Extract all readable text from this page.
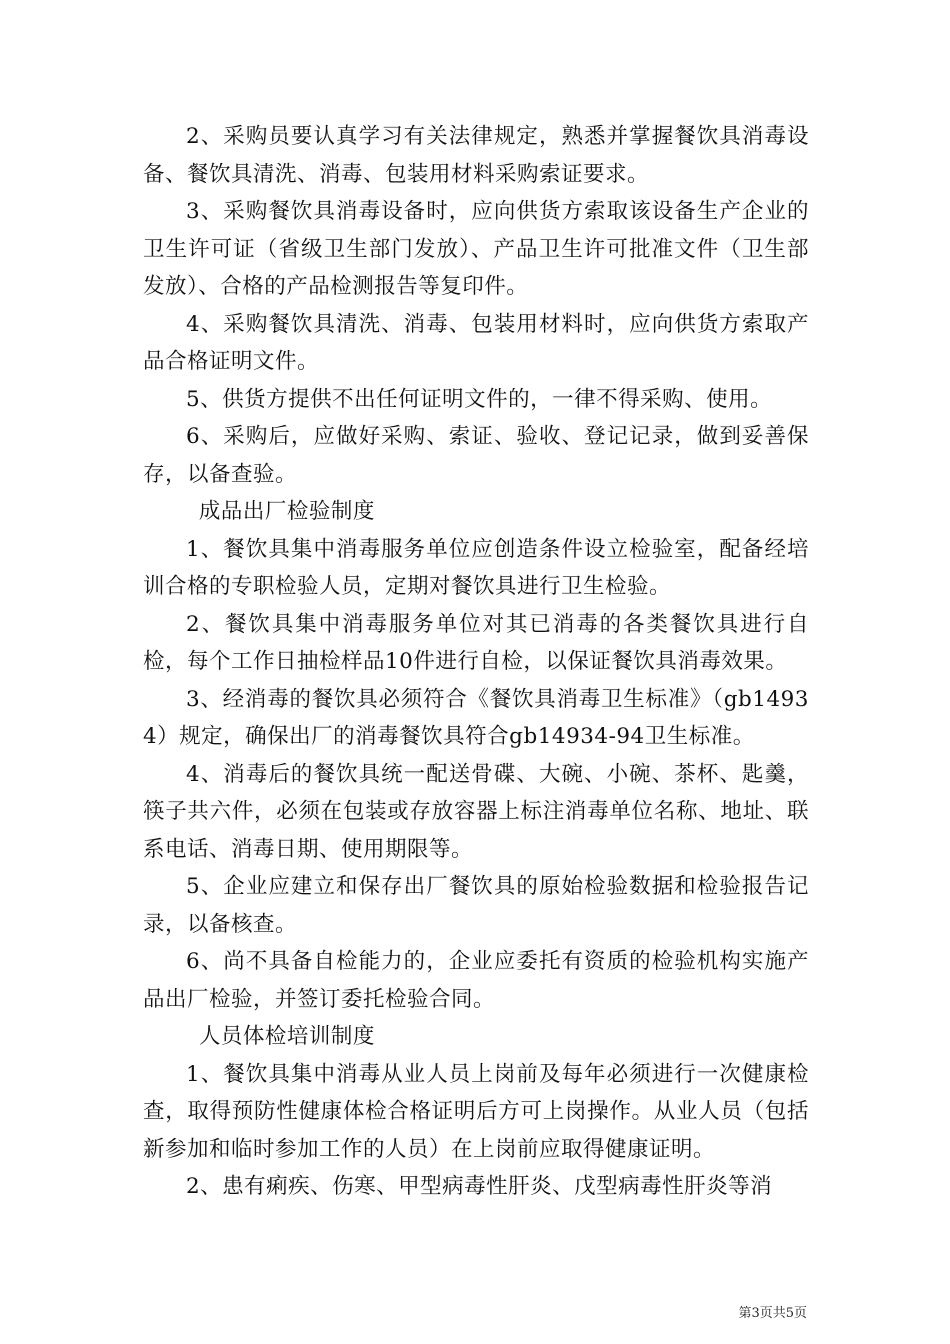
2、采购员要认真学习有关法律规定，熟悉并掌握餐饮具消毒设备、餐饮具清洗、消毒、包装用材料采购索证要求。

3、采购餐饮具消毒设备时，应向供货方索取该设备生产企业的卫生许可证（省级卫生部门发放）、产品卫生许可批准文件（卫生部发放）、合格的产品检测报告等复印件。

4、采购餐饮具清洗、消毒、包装用材料时，应向供货方索取产品合格证明文件。

5、供货方提供不出任何证明文件的，一律不得采购、使用。

6、采购后，应做好采购、索证、验收、登记记录，做到妥善保存，以备查验。

成品出厂检验制度

1、餐饮具集中消毒服务单位应创造条件设立检验室，配备经培训合格的专职检验人员，定期对餐饮具进行卫生检验。

2、餐饮具集中消毒服务单位对其已消毒的各类餐饮具进行自检，每个工作日抽检样品10件进行自检，以保证餐饮具消毒效果。

3、经消毒的餐饮具必须符合《餐饮具消毒卫生标准》（gb14934）规定，确保出厂的消毒餐饮具符合gb14934-94卫生标准。

4、消毒后的餐饮具统一配送骨碟、大碗、小碗、茶杯、匙羹，筷子共六件，必须在包装或存放容器上标注消毒单位名称、地址、联系电话、消毒日期、使用期限等。

5、企业应建立和保存出厂餐饮具的原始检验数据和检验报告记录，以备核查。

6、尚不具备自检能力的，企业应委托有资质的检验机构实施产品出厂检验，并签订委托检验合同。

人员体检培训制度

1、餐饮具集中消毒从业人员上岗前及每年必须进行一次健康检查，取得预防性健康体检合格证明后方可上岗操作。从业人员（包括新参加和临时参加工作的人员）在上岗前应取得健康证明。

2、患有痢疾、伤寒、甲型病毒性肝炎、戊型病毒性肝炎等消

第3页共5页
